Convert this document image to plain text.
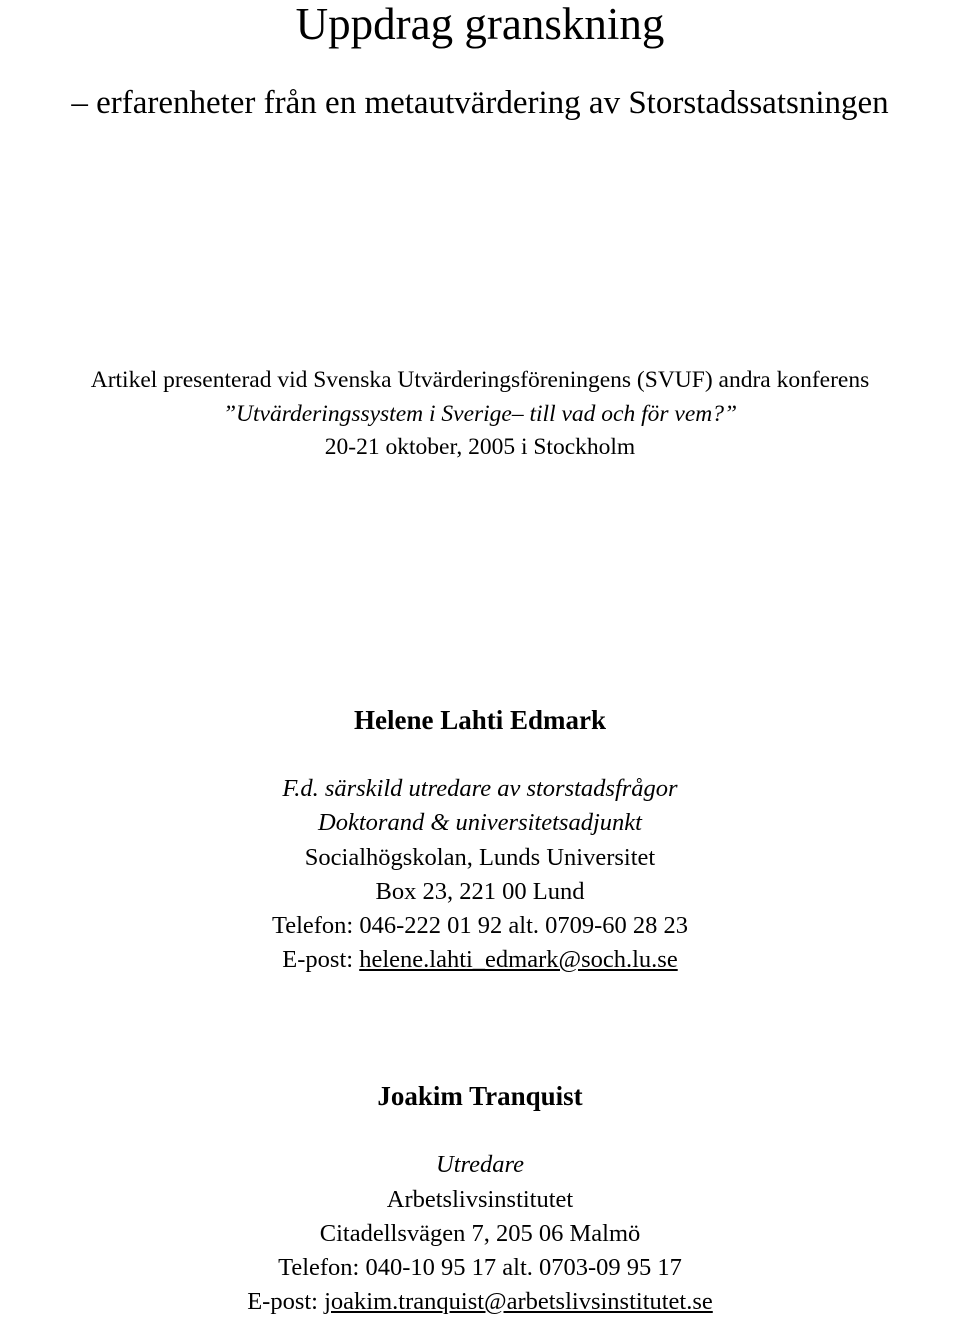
Uppdrag granskning
– erfarenheter från en metautvärdering av Storstadssatsningen
Artikel presenterad vid Svenska Utvärderingsföreningens (SVUF) andra konferens
”Utvärderingssystem i Sverige– till vad och för vem?”
20-21 oktober, 2005 i Stockholm
Helene Lahti Edmark
F.d. särskild utredare av storstadsfrågor
Doktorand & universitetsadjunkt
Socialhögskolan, Lunds Universitet
Box 23, 221 00 Lund
Telefon: 046-222 01 92 alt. 0709-60 28 23
E-post: helene.lahti_edmark@soch.lu.se
Joakim Tranquist
Utredare
Arbetslivsinstitutet
Citadellsvägen 7, 205 06 Malmö
Telefon: 040-10 95 17 alt. 0703-09 95 17
E-post: joakim.tranquist@arbetslivsinstitutet.se
